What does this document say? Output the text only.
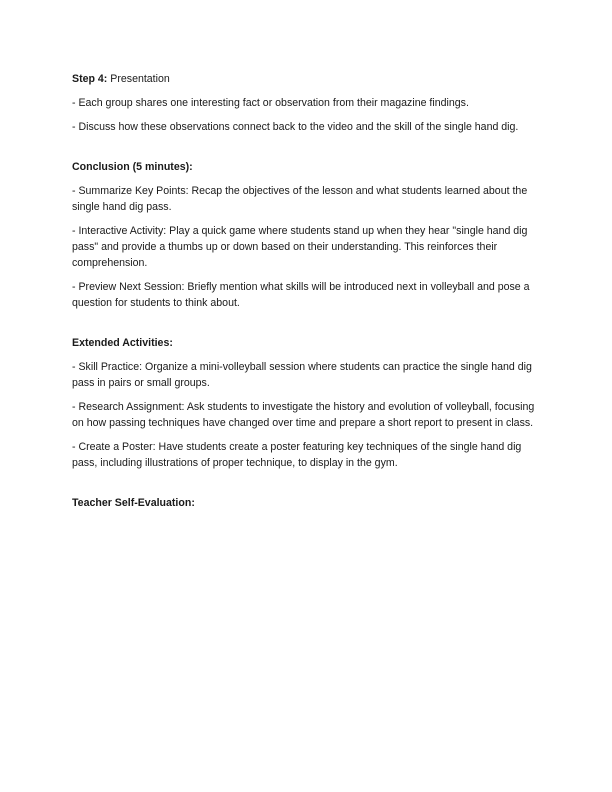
Step 4: Presentation

- Each group shares one interesting fact or observation from their magazine findings.

- Discuss how these observations connect back to the video and the skill of the single hand dig.

Conclusion (5 minutes):

- Summarize Key Points: Recap the objectives of the lesson and what students learned about the single hand dig pass.

- Interactive Activity: Play a quick game where students stand up when they hear "single hand dig pass" and provide a thumbs up or down based on their understanding. This reinforces their comprehension.

- Preview Next Session: Briefly mention what skills will be introduced next in volleyball and pose a question for students to think about.

Extended Activities:

- Skill Practice: Organize a mini-volleyball session where students can practice the single hand dig pass in pairs or small groups.

- Research Assignment: Ask students to investigate the history and evolution of volleyball, focusing on how passing techniques have changed over time and prepare a short report to present in class.

- Create a Poster: Have students create a poster featuring key techniques of the single hand dig pass, including illustrations of proper technique, to display in the gym.

Teacher Self-Evaluation:
